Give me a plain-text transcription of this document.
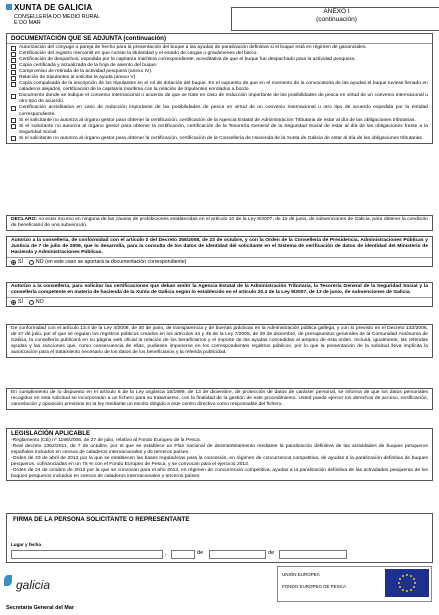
XUNTA DE GALICIA
CONSELLERÍA DO MEDIO RURAL E DO MAR
ANEXO I
(continuación)
DOCUMENTACIÓN QUE SE ADJUNTA (continuación)
Autorización del cónyuge o pareja de hecho para la presentación del buque a las ayudas de paralización definitiva si el buque está en régimen de gananciales.
Certificación del registro mercantil en que conste la titularidad y el estado de cargas o gravámenes del barco.
Certificación de despachos, expedida por la capitanía marítima correspondiente, acreditativa de que el buque fue despachado para la actividad pesquera.
Copia certificada y actualizada de la hoja de asiento del buque.
Compromiso de retirada de la actividad pesquera (anexo IV).
Relación de tripulantes al solicitar la ayuda (anexo V).
Copia compulsada de la inscripción de los tripulantes en el rol de dotación del buque. En el supuesto de que en el momento de la convocatoria de las ayudas el buque tuviese llenado en caladeros alejados, certificación de la capitanía marítima con la relación de tripulantes enrolados a bordo.
Documento donde se indique el convenio internacional o acuerdo de que se trate en caso de reducción importante de las posibilidades de pesca en virtud de un convenio internacional u otro tipo de acuerdo.
Certificación acreditativa en caso de reducción importante de las posibilidades de pesca en virtud de un convenio internacional u otro tipo de acuerdo expedida por la entidad correspondiente.
Si el solicitante no autoriza al órgano gestor para obtener la certificación, certificación de la Agencia Estatal de Administración Tributaria de estar al día de las obligaciones tributarias.
Si el solicitante no autoriza al órgano gestor para obtener la certificación, certificación de la Tesorería General de la Seguridad Social de estar al día de las obligaciones frente a la Seguridad Social.
Si el solicitante no autoriza al órgano gestor para obtener la certificación, certificación de la Consellería de Hacienda de la Xunta de Galicia de estar al día de las obligaciones tributarias.
DECLARO: no estar incurso en ninguna de las causas de prohibiciones establecidas en el artículo 10 de la Ley 9/2007, de 13 de junio, de subvenciones de Galicia, para obtener la condición de beneficiario de una subvención.
Autorizo a la consellería, de conformidad con el artículo 2 del Decreto 255/2008, de 23 de octubre, y con la Orden de la Consellería de Presidencia, Administraciones Públicas y Justicia de 7 de julio de 2009, que lo desarrolla, para la consulta de los datos de identidad del solicitante en el Sistema de verificación de datos de identidad del Ministerio de Hacienda y Administraciones Públicas.
SÍ	NO (en este caso se aportará la documentación correspondiente)
Autorizo a la consellería, para solicitar las certificaciones que deban emitir la Agencia Estatal de la Administración Tributaria, la Tesorería General de la Seguridad Social y la consellería competente en materia de hacienda de la Xunta de Galicia según lo establecido en el artículo 20.3 de la Ley 9/2007, de 13 de junio, de subvenciones de Galicia.
SÍ	NO
De conformidad con el artículo 13.4 de la Ley 4/2006, de 30 de junio, de transparencia y de buenas prácticas en la Administración pública gallega, y con lo previsto en el Decreto 132/2006, de 27 de julio, por el que se regulan los registros públicos creados en los artículos 44 y 45 de la Ley 7/2005, de 29 de diciembre, de presupuestos generales de la Comunidad Autónoma de Galicia, la consellería publicará en su página web oficial la relación de los beneficiarios y el importe de las ayudas concedidas al amparo de esta orden. Incluirá, igualmente, las referidas ayudas y las sanciones que, como consecuencia de ellas, pudiesen imponerse en los correspondientes registros públicos, por lo que la presentación de la solicitud lleva implícita la autorización para el tratamiento necesario de los datos de los beneficiarios y la referida publicidad.
En cumplimiento de lo dispuesto en el artículo 5 de la Ley orgánica 15/1999, de 13 de diciembre, de protección de datos de carácter personal, se informa de que los datos personales recogidos en esta solicitud se incorporarán a un fichero para su tratamiento, con la finalidad de la gestión de este procedimiento. Usted puede ejercer los derechos de acceso, rectificación, cancelación y oposición previstos en la ley mediante un escrito dirigido a este centro directivo como responsable del fichero.
LEGISLACIÓN APLICABLE
-Reglamento (CE) nº 1198/2006, de 27 de julio, relativo al Fondo Europeo de la Pesca.
-Real decreto 1362/2011, de 7 de octubre, por el que se establece un Plan nacional de desmantelamiento mediante la paralización definitiva de las actividades de buques pesqueros españoles incluidos en censos de caladeros internacionales y de terceros países.
-Orden de 23 de abril de 2013 por la que se establecen las bases reguladoras para la concesión, en régimen de concurrencia competitiva, de ayudas a la paralización definitiva de buques pesqueros, cofinanciadas en un 75 % con el Fondo Europeo de Pesca, y se convocan para el ejercicio 2013.
-Orden de 24 de octubre de 2013 por la que se convocan para el año 2013, en régimen de concurrencia competitiva, ayudas a la paralización definitiva de las actividades pesqueras de los buques pesqueros incluidos en censos de caladeros internacionales y terceros países.
FIRMA DE LA PERSONA SOLICITANTE O REPRESENTANTE
Lugar y fecha
,	de	de
galicia
UNIÓN EUROPEA
FONDO EUROPEO DE PESCA
Secretaría General del Mar
